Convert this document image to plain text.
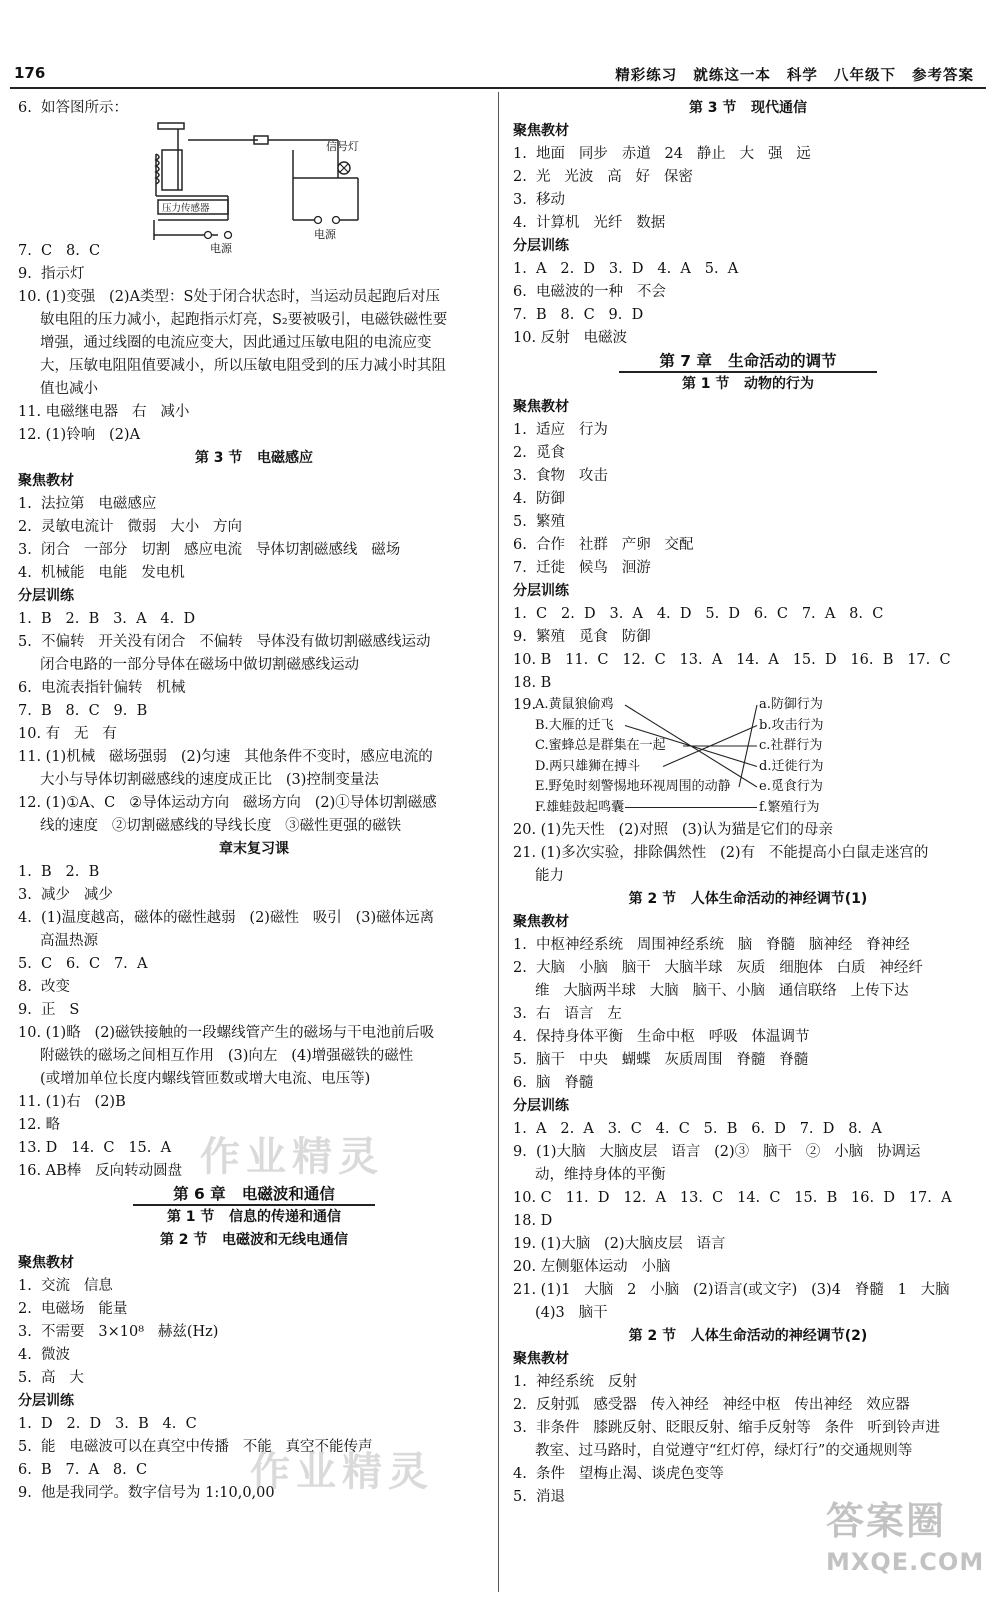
176	精彩练习 就练这一本 科学 八年级下 参考答案
6.  如答图所示：
信号灯
压力传感器
电源
电源
7.  C   8.  C
9.  指示灯
10. (1)变强   (2)A类型：S处于闭合状态时，当运动员起跑后对压
敏电阻的压力减小，起跑指示灯亮，S₂要被吸引，电磁铁磁性要
增强，通过线圈的电流应变大，因此通过压敏电阻的电流应变
大，压敏电阻阻值要减小，所以压敏电阻受到的压力减小时其阻
值也减小
11. 电磁继电器   右   减小
12. (1)铃响   (2)A
第 3 节   电磁感应
聚焦教材
1.  法拉第   电磁感应
2.  灵敏电流计   微弱   大小   方向
3.  闭合   一部分   切割   感应电流   导体切割磁感线   磁场
4.  机械能   电能   发电机
分层训练
1.  B   2.  B   3.  A   4.  D
5.  不偏转   开关没有闭合   不偏转   导体没有做切割磁感线运动
闭合电路的一部分导体在磁场中做切割磁感线运动
6.  电流表指针偏转   机械
7.  B   8.  C   9.  B
10. 有   无   有
11. (1)机械   磁场强弱   (2)匀速   其他条件不变时，感应电流的
大小与导体切割磁感线的速度成正比   (3)控制变量法
12. (1)①A、C   ②导体运动方向   磁场方向   (2)①导体切割磁感
线的速度   ②切割磁感线的导线长度   ③磁性更强的磁铁
章末复习课
1.  B   2.  B
3.  减少   减少
4.  (1)温度越高，磁体的磁性越弱   (2)磁性   吸引   (3)磁体远离
高温热源
5.  C   6.  C   7.  A
8.  改变
9.  正   S
10. (1)略   (2)磁铁接触的一段螺线管产生的磁场与干电池前后吸
附磁铁的磁场之间相互作用   (3)向左   (4)增强磁铁的磁性
(或增加单位长度内螺线管匝数或增大电流、电压等)
11. (1)右   (2)B
12. 略
13. D   14.  C   15.  A
16. AB棒   反向转动圆盘
第 6 章   电磁波和通信
第 1 节   信息的传递和通信
第 2 节   电磁波和无线电通信
聚焦教材
1.  交流   信息
2.  电磁场   能量
3.  不需要   3×10⁸   赫兹(Hz)
4.  微波
5.  高   大
分层训练
1.  D   2.  D   3.  B   4.  C
5.  能   电磁波可以在真空中传播   不能   真空不能传声
6.  B   7.  A   8.  C
9.  他是我同学。数字信号为 1:10,0,00
第 3 节   现代通信
聚焦教材
1.  地面   同步   赤道   24   静止   大   强   远
2.  光   光波   高   好   保密
3.  移动
4.  计算机   光纤   数据
分层训练
1.  A   2.  D   3.  D   4.  A   5.  A
6.  电磁波的一种   不会
7.  B   8.  C   9.  D
10. 反射   电磁波
第 7 章   生命活动的调节
第 1 节   动物的行为
聚焦教材
1.  适应   行为
2.  觅食
3.  食物   攻击
4.  防御
5.  繁殖
6.  合作   社群   产卵   交配
7.  迁徙   候鸟   洄游
分层训练
1.  C   2.  D   3.  A   4.  D   5.  D   6.  C   7.  A   8.  C
9.  繁殖   觅食   防御
10. B   11.  C   12.  C   13.  A   14.  A   15.  D   16.  B   17.  C
18. B
19.
A.黄鼠狼偷鸡
B.大雁的迁飞
C.蜜蜂总是群集在一起
D.两只雄狮在搏斗
E.野兔时刻警惕地环视周围的动静
F.雄蛙鼓起鸣囊
a.防御行为
b.攻击行为
c.社群行为
d.迁徙行为
e.觅食行为
f.繁殖行为
20. (1)先天性   (2)对照   (3)认为猫是它们的母亲
21. (1)多次实验，排除偶然性   (2)有   不能提高小白鼠走迷宫的
能力
第 2 节   人体生命活动的神经调节(1)
聚焦教材
1.  中枢神经系统   周围神经系统   脑   脊髓   脑神经   脊神经
2.  大脑   小脑   脑干   大脑半球   灰质   细胞体   白质   神经纤
维   大脑两半球   大脑   脑干、小脑   通信联络   上传下达
3.  右   语言   左
4.  保持身体平衡   生命中枢   呼吸   体温调节
5.  脑干   中央   蝴蝶   灰质周围   脊髓   脊髓
6.  脑   脊髓
分层训练
1.  A   2.  A   3.  C   4.  C   5.  B   6.  D   7.  D   8.  A
9.  (1)大脑   大脑皮层   语言   (2)③   脑干   ②   小脑   协调运
动，维持身体的平衡
10. C   11.  D   12.  A   13.  C   14.  C   15.  B   16.  D   17.  A
18. D
19. (1)大脑   (2)大脑皮层   语言
20. 左侧躯体运动   小脑
21. (1)1   大脑   2   小脑   (2)语言(或文字)   (3)4   脊髓   1   大脑
(4)3   脑干
第 2 节   人体生命活动的神经调节(2)
聚焦教材
1.  神经系统   反射
2.  反射弧   感受器   传入神经   神经中枢   传出神经   效应器
3.  非条件   膝跳反射、眨眼反射、缩手反射等   条件   听到铃声进
教室、过马路时，自觉遵守“红灯停，绿灯行”的交通规则等
4.  条件   望梅止渴、谈虎色变等
5.  消退
作业精灵
作业精灵
答案圈
MXQE.COM
